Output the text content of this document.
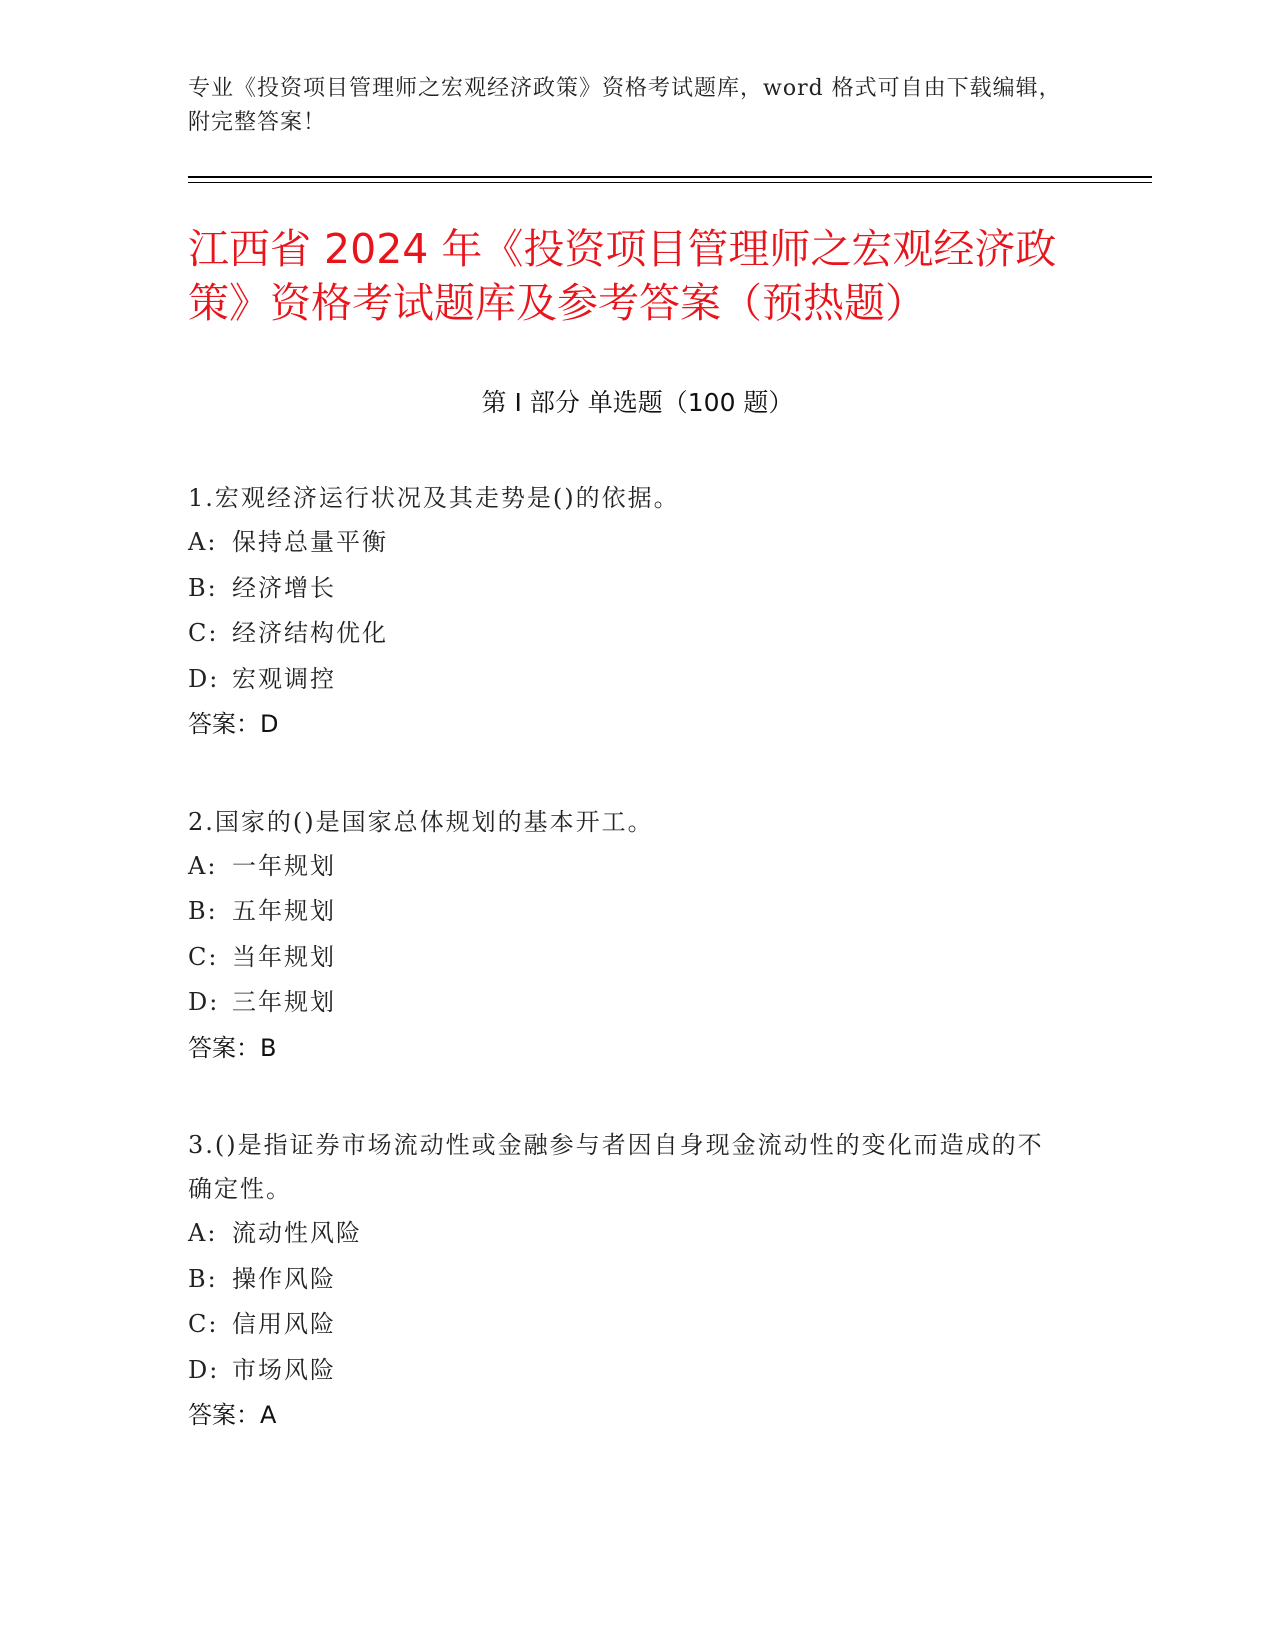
专业《投资项目管理师之宏观经济政策》资格考试题库，word 格式可自由下载编辑，附完整答案！
江西省 2024 年《投资项目管理师之宏观经济政策》资格考试题库及参考答案（预热题）
第 I 部分 单选题（100 题）
1.宏观经济运行状况及其走势是()的依据。
A: 保持总量平衡
B: 经济增长
C: 经济结构优化
D: 宏观调控
答案：D
2.国家的()是国家总体规划的基本开工。
A: 一年规划
B: 五年规划
C: 当年规划
D: 三年规划
答案：B
3.()是指证券市场流动性或金融参与者因自身现金流动性的变化而造成的不确定性。
A: 流动性风险
B: 操作风险
C: 信用风险
D: 市场风险
答案：A
